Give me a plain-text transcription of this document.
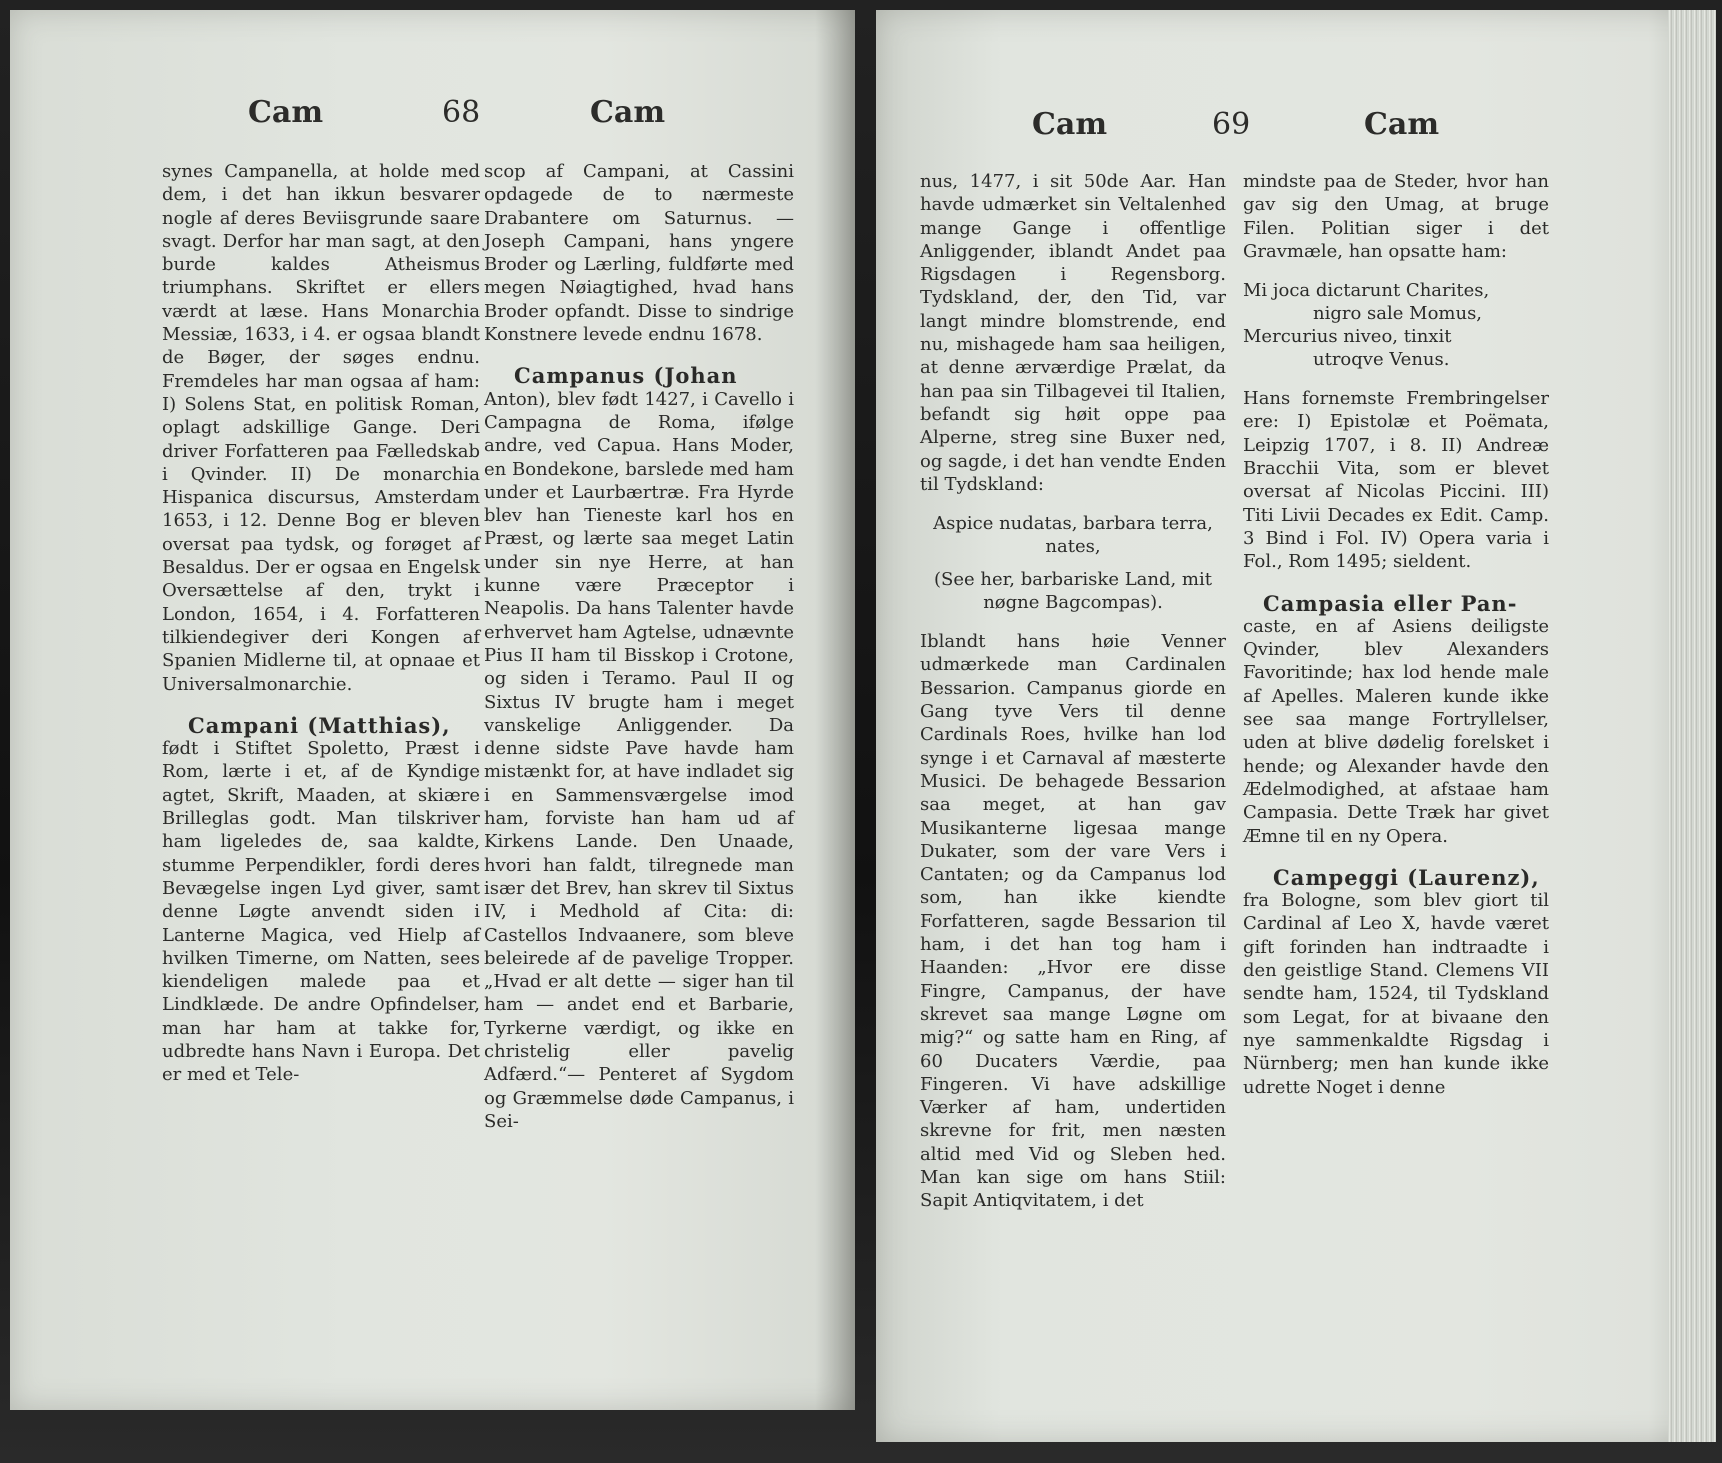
Cam	68	Cam

synes Campanella, at holde med dem, i det han ikkun besvarer nogle af deres Beviisgrunde saare svagt. Derfor har man sagt, at den burde kaldes Atheismus triumphans. Skriftet er ellers værdt at læse. Hans Monarchia Messiæ, 1633, i 4. er ogsaa blandt de Bøger, der søges endnu. Fremdeles har man ogsaa af ham: I) Solens Stat, en politisk Roman, oplagt adskillige Gange. Deri driver Forfatteren paa Fælledskab i Qvinder. II) De monarchia Hispanica discursus, Amsterdam 1653, i 12. Denne Bog er bleven oversat paa tydsk, og forøget af Besaldus. Der er ogsaa en Engelsk Oversættelse af den, trykt i London, 1654, i 4. Forfatteren tilkiendegiver deri Kongen af Spanien Midlerne til, at opnaae et Universalmonarchie.

Campani (Matthias),

født i Stiftet Spoletto, Præst i Rom, lærte i et, af de Kyndige agtet, Skrift, Maaden, at skiære Brilleglas godt. Man tilskriver ham ligeledes de, saa kaldte, stumme Perpendikler, fordi deres Bevægelse ingen Lyd giver, samt denne Løgte anvendt siden i Lanterne Magica, ved Hielp af hvilken Timerne, om Natten, sees kiendeligen malede paa et Lindklæde. De andre Opfindelser, man har ham at takke for, udbredte hans Navn i Europa. Det er med et Tele-

scop af Campani, at Cassini opdagede de to nærmeste Drabantere om Saturnus. — Joseph Campani, hans yngere Broder og Lærling, fuldførte med megen Nøiagtighed, hvad hans Broder opfandt. Disse to sindrige Konstnere levede endnu 1678.

Campanus (Johan

Anton), blev født 1427, i Cavello i Campagna de Roma, ifølge andre, ved Capua. Hans Moder, en Bondekone, barslede med ham under et Laurbærtræ. Fra Hyrde blev han Tieneste karl hos en Præst, og lærte saa meget Latin under sin nye Herre, at han kunne være Præceptor i Neapolis. Da hans Talenter havde erhvervet ham Agtelse, udnævnte Pius II ham til Bisskop i Crotone, og siden i Teramo. Paul II og Sixtus IV brugte ham i meget vanskelige Anliggender. Da denne sidste Pave havde ham mistænkt for, at have indladet sig i en Sammensværgelse imod ham, forviste han ham ud af Kirkens Lande. Den Unaade, hvori han faldt, tilregnede man især det Brev, han skrev til Sixtus IV, i Medhold af Cita: di: Castellos Indvaanere, som bleve beleirede af de pavelige Tropper. „Hvad er alt dette — siger han til ham — andet end et Barbarie, Tyrkerne værdigt, og ikke en christelig eller pavelig Adfærd.“— Penteret af Sygdom og Græmmelse døde Campanus, i Sei-

Cam	69	Cam

nus, 1477, i sit 50de Aar. Han havde udmærket sin Veltalenhed mange Gange i offentlige Anliggender, iblandt Andet paa Rigsdagen i Regensborg. Tydskland, der, den Tid, var langt mindre blomstrende, end nu, mishagede ham saa heiligen, at denne ærværdige Prælat, da han paa sin Tilbagevei til Italien, befandt sig høit oppe paa Alperne, streg sine Buxer ned, og sagde, i det han vendte Enden til Tydskland:

Aspice nudatas, barbara terra, nates,

(See her, barbariske Land, mit nøgne Bagcompas).

Iblandt hans høie Venner udmærkede man Cardinalen Bessarion. Campanus giorde en Gang tyve Vers til denne Cardinals Roes, hvilke han lod synge i et Carnaval af mæsterte Musici. De behagede Bessarion saa meget, at han gav Musikanterne ligesaa mange Dukater, som der vare Vers i Cantaten; og da Campanus lod som, han ikke kiendte Forfatteren, sagde Bessarion til ham, i det han tog ham i Haanden: „Hvor ere disse Fingre, Campanus, der have skrevet saa mange Løgne om mig?“ og satte ham en Ring, af 60 Ducaters Værdie, paa Fingeren. Vi have adskillige Værker af ham, undertiden skrevne for frit, men næsten altid med Vid og Sleben hed. Man kan sige om hans Stiil: Sapit Antiqvitatem, i det

mindste paa de Steder, hvor han gav sig den Umag, at bruge Filen. Politian siger i det Gravmæle, han opsatte ham:

Mi joca dictarunt Charites,

nigro sale Momus,

Mercurius niveo, tinxit

utroqve Venus.

Hans fornemste Frembringelser ere: I) Epistolæ et Poëmata, Leipzig 1707, i 8. II) Andreæ Bracchii Vita, som er blevet oversat af Nicolas Piccini. III) Titi Livii Decades ex Edit. Camp. 3 Bind i Fol. IV) Opera varia i Fol., Rom 1495; sieldent.

Campasia eller Pan-

caste, en af Asiens deiligste Qvinder, blev Alexanders Favoritinde; hax lod hende male af Apelles. Maleren kunde ikke see saa mange Fortryllelser, uden at blive dødelig forelsket i hende; og Alexander havde den Ædelmodighed, at afstaae ham Campasia. Dette Træk har givet Æmne til en ny Opera.

Campeggi (Laurenz),

fra Bologne, som blev giort til Cardinal af Leo X, havde været gift forinden han indtraadte i den geistlige Stand. Clemens VII sendte ham, 1524, til Tydskland som Legat, for at bivaane den nye sammenkaldte Rigsdag i Nürnberg; men han kunde ikke udrette Noget i denne
